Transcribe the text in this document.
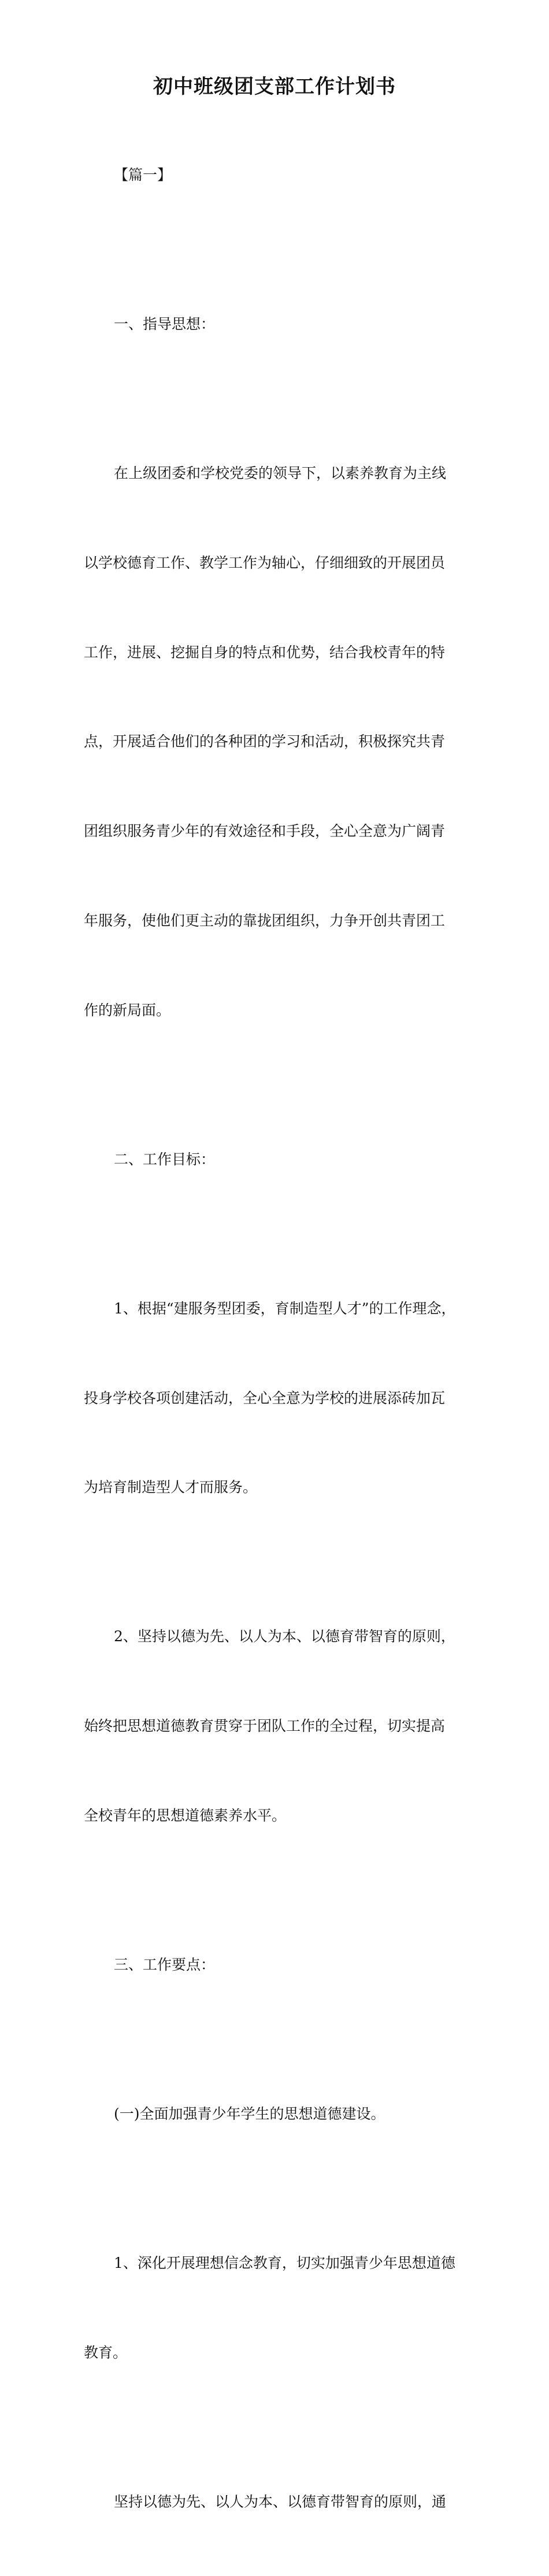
初中班级团支部工作计划书

【篇一】

一、指导思想：

在上级团委和学校党委的领导下，以素养教育为主线

以学校德育工作、教学工作为轴心，仔细细致的开展团员

工作，进展、挖掘自身的特点和优势，结合我校青年的特

点，开展适合他们的各种团的学习和活动，积极探究共青

团组织服务青少年的有效途径和手段，全心全意为广阔青

年服务，使他们更主动的靠拢团组织，力争开创共青团工

作的新局面。

二、工作目标：

1、根据“建服务型团委，育制造型人才”的工作理念，

投身学校各项创建活动，全心全意为学校的进展添砖加瓦

为培育制造型人才而服务。

2、坚持以德为先、以人为本、以德育带智育的原则，

始终把思想道德教育贯穿于团队工作的全过程，切实提高

全校青年的思想道德素养水平。

三、工作要点：

(一)全面加强青少年学生的思想道德建设。

1、深化开展理想信念教育，切实加强青少年思想道德

教育。

坚持以德为先、以人为本、以德育带智育的原则，通
